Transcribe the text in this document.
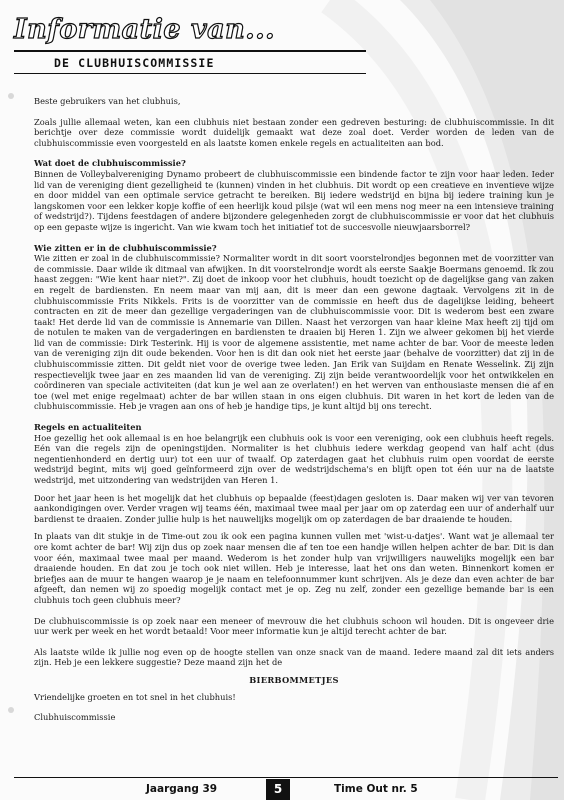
Informatie van...
DE CLUBHUISCOMMISSIE

Beste gebruikers van het clubhuis,

Zoals jullie allemaal weten, kan een clubhuis niet bestaan zonder een gedreven besturing: de clubhuiscommissie. In dit berichtje over deze commissie wordt duidelijk gemaakt wat deze zoal doet. Verder worden de leden van de clubhuiscommissie even voorgesteld en als laatste komen enkele regels en actualiteiten aan bod.

Wat doet de clubhuiscommissie?

Binnen de Volleybalvereniging Dynamo probeert de clubhuiscommissie een bindende factor te zijn voor haar leden. Ieder lid van de vereniging dient gezelligheid te (kunnen) vinden in het clubhuis. Dit wordt op een creatieve en inventieve wijze en door middel van een optimale service getracht te bereiken. Bij iedere wedstrijd en bijna bij iedere training kun je langskomen voor een lekker kopje koffie of een heerlijk koud pilsje (wat wil een mens nog meer na een intensieve training of wedstrijd?). Tijdens feestdagen of andere bijzondere gelegenheden zorgt de clubhuiscommissie er voor dat het clubhuis op een gepaste wijze is ingericht. Van wie kwam toch het initiatief tot de succesvolle nieuwjaarsborrel?

Wie zitten er in de clubhuiscommissie?

Wie zitten er zoal in de clubhuiscommissie? Normaliter wordt in dit soort voorstelrondjes begonnen met de voorzitter van de commissie. Daar wilde ik ditmaal van afwijken. In dit voorstelrondje wordt als eerste Saakje Boermans genoemd. Ik zou haast zeggen: "Wie kent haar niet?". Zij doet de inkoop voor het clubhuis, houdt toezicht op de dagelijkse gang van zaken en regelt de bardiensten. En neem maar van mij aan, dit is meer dan een gewone dagtaak. Vervolgens zit in de clubhuiscommissie Frits Nikkels. Frits is de voorzitter van de commissie en heeft dus de dagelijkse leiding, beheert contracten en zit de meer dan gezellige vergaderingen van de clubhuiscommissie voor. Dit is wederom best een zware taak! Het derde lid van de commissie is Annemarie van Dillen. Naast het verzorgen van haar kleine Max heeft zij tijd om de notulen te maken van de vergaderingen en bardiensten te draaien bij Heren 1. Zijn we alweer gekomen bij het vierde lid van de commissie: Dirk Testerink. Hij is voor de algemene assistentie, met name achter de bar. Voor de meeste leden van de vereniging zijn dit oude bekenden. Voor hen is dit dan ook niet het eerste jaar (behalve de voorzitter) dat zij in de clubhuiscommissie zitten. Dit geldt niet voor de overige twee leden. Jan Erik van Suijdam en Renate Wesselink. Zij zijn respectievelijk twee jaar en zes maanden lid van de vereniging. Zij zijn beide verantwoordelijk voor het ontwikkelen en coördineren van speciale activiteiten (dat kun je wel aan ze overlaten!) en het werven van enthousiaste mensen die af en toe (wel met enige regelmaat) achter de bar willen staan in ons eigen clubhuis. Dit waren in het kort de leden van de clubhuiscommissie. Heb je vragen aan ons of heb je handige tips, je kunt altijd bij ons terecht.

Regels en actualiteiten

Hoe gezellig het ook allemaal is en hoe belangrijk een clubhuis ook is voor een vereniging, ook een clubhuis heeft regels. Eén van die regels zijn de openingstijden. Normaliter is het clubhuis iedere werkdag geopend van half acht (dus negentienhonderd en dertig uur) tot een uur of twaalf. Op zaterdagen gaat het clubhuis ruim open voordat de eerste wedstrijd begint, mits wij goed geïnformeerd zijn over de wedstrijdschema's en blijft open tot één uur na de laatste wedstrijd, met uitzondering van wedstrijden van Heren 1.

Door het jaar heen is het mogelijk dat het clubhuis op bepaalde (feest)dagen gesloten is. Daar maken wij ver van tevoren aankondigingen over. Verder vragen wij teams één, maximaal twee maal per jaar om op zaterdag een uur of anderhalf uur bardienst te draaien. Zonder jullie hulp is het nauwelijks mogelijk om op zaterdagen de bar draaiende te houden.

In plaats van dit stukje in de Time-out zou ik ook een pagina kunnen vullen met 'wist-u-datjes'. Want wat je allemaal ter ore komt achter de bar! Wij zijn dus op zoek naar mensen die af ten toe een handje willen helpen achter de bar. Dit is dan voor één, maximaal twee maal per maand. Wederom is het zonder hulp van vrijwilligers nauwelijks mogelijk een bar draaiende houden. En dat zou je toch ook niet willen. Heb je interesse, laat het ons dan weten. Binnenkort komen er briefjes aan de muur te hangen waarop je je naam en telefoonnummer kunt schrijven. Als je deze dan even achter de bar afgeeft, dan nemen wij zo spoedig mogelijk contact met je op. Zeg nu zelf, zonder een gezellige bemande bar is een clubhuis toch geen clubhuis meer?

De clubhuiscommissie is op zoek naar een meneer of mevrouw die het clubhuis schoon wil houden. Dit is ongeveer drie uur werk per week en het wordt betaald! Voor meer informatie kun je altijd terecht achter de bar.

Als laatste wilde ik jullie nog even op de hoogte stellen van onze snack van de maand. Iedere maand zal dit iets anders zijn. Heb je een lekkere suggestie? Deze maand zijn het de

BIERBOMMETJES

Vriendelijke groeten en tot snel in het clubhuis!

Clubhuiscommissie

Jaargang 39	5	Time Out nr. 5
